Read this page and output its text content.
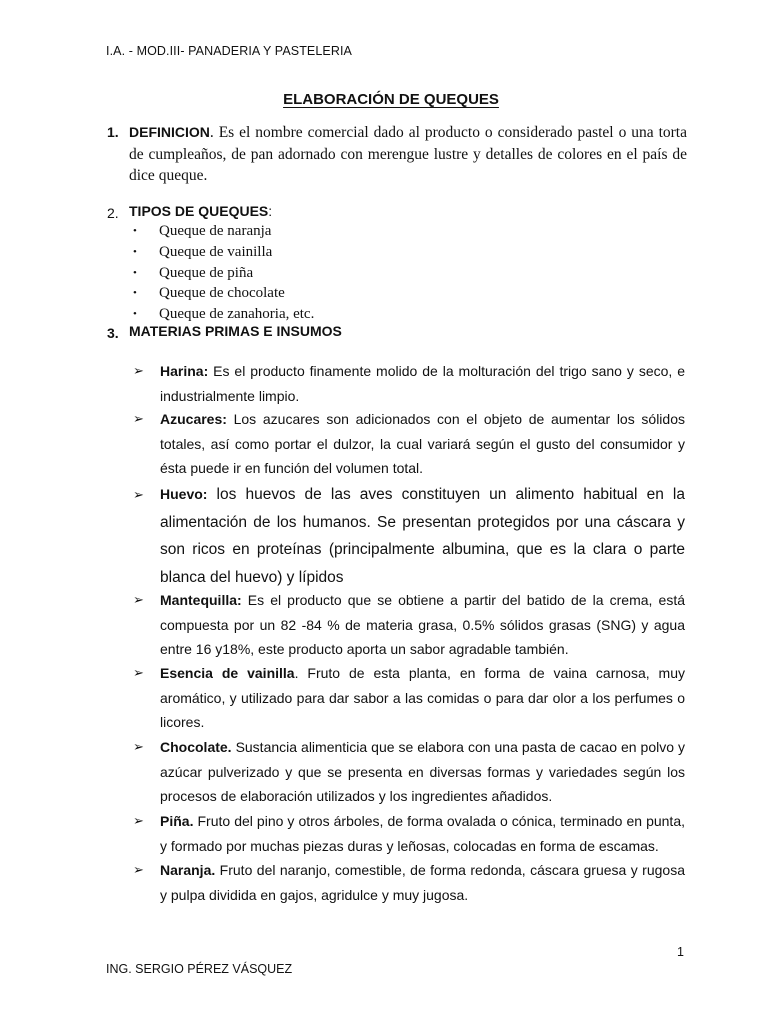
I.A. - MOD.III- PANADERIA Y PASTELERIA
ELABORACIÓN DE QUEQUES
1. DEFINICION. Es el nombre comercial dado al producto o considerado pastel o una torta de cumpleaños, de pan adornado con merengue lustre y detalles de colores en el país de dice queque.
2. TIPOS DE QUEQUES:
• Queque de naranja
• Queque de vainilla
• Queque de piña
• Queque de chocolate
• Queque de zanahoria, etc.
3. MATERIAS PRIMAS E INSUMOS
➢ Harina: Es el producto finamente molido de la molturación del trigo sano y seco, e industrialmente limpio.
➢ Azucares: Los azucares son adicionados con el objeto de aumentar los sólidos totales, así como portar el dulzor, la cual variará según el gusto del consumidor y ésta puede ir en función del volumen total.
➢ Huevo: los huevos de las aves constituyen un alimento habitual en la alimentación de los humanos. Se presentan protegidos por una cáscara y son ricos en proteínas (principalmente albumina, que es la clara o parte blanca del huevo) y lípidos
➢ Mantequilla: Es el producto que se obtiene a partir del batido de la crema, está compuesta por un 82 -84 % de materia grasa, 0.5% sólidos grasas (SNG) y agua entre 16 y18%, este producto aporta un sabor agradable también.
➢ Esencia de vainilla. Fruto de esta planta, en forma de vaina carnosa, muy aromático, y utilizado para dar sabor a las comidas o para dar olor a los perfumes o licores.
➢ Chocolate. Sustancia alimenticia que se elabora con una pasta de cacao en polvo y azúcar pulverizado y que se presenta en diversas formas y variedades según los procesos de elaboración utilizados y los ingredientes añadidos.
➢ Piña. Fruto del pino y otros árboles, de forma ovalada o cónica, terminado en punta, y formado por muchas piezas duras y leñosas, colocadas en forma de escamas.
➢ Naranja. Fruto del naranjo, comestible, de forma redonda, cáscara gruesa y rugosa y pulpa dividida en gajos, agridulce y muy jugosa.
1
ING. SERGIO PÉREZ VÁSQUEZ
